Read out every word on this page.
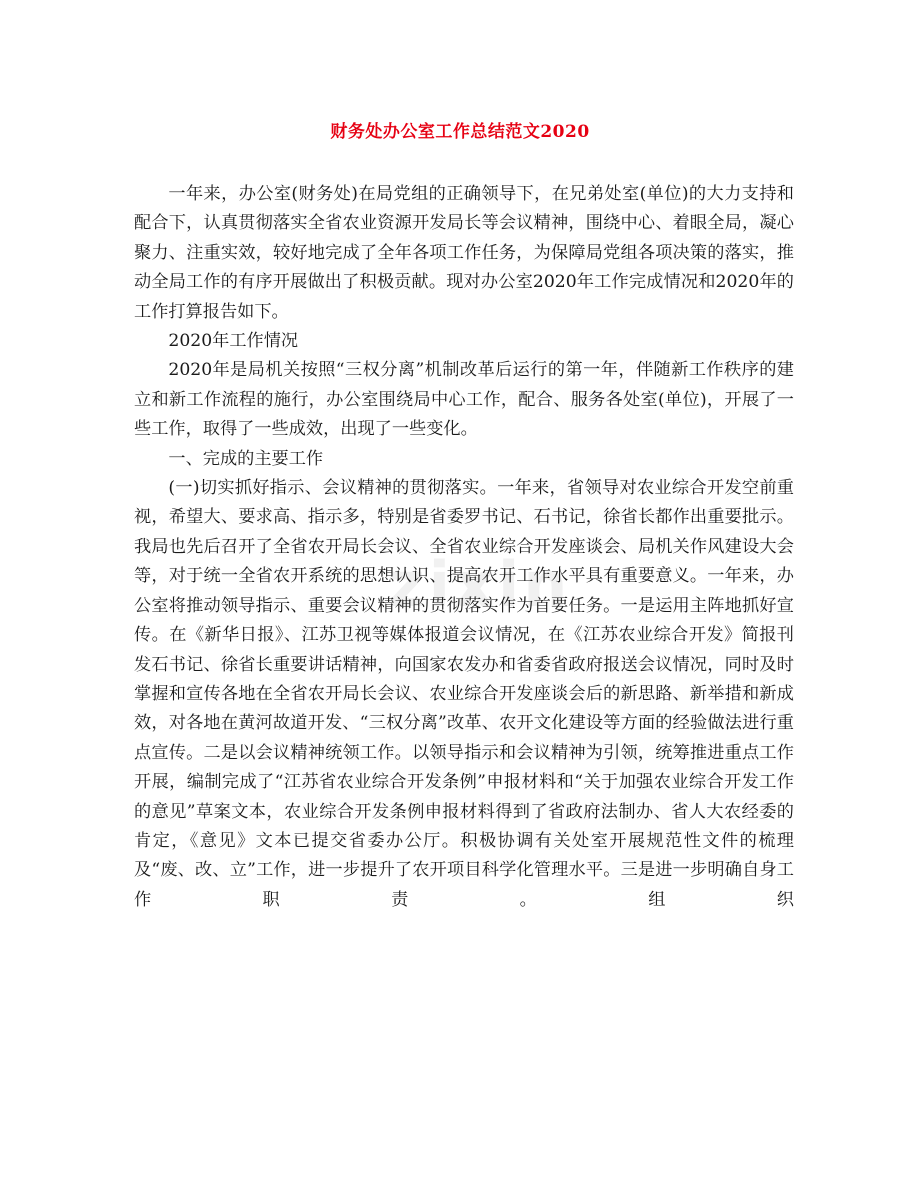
zixin
财务处办公室工作总结范文2020

一年来，办公室(财务处)在局党组的正确领导下，在兄弟处室(单位)的大力支持和配合下，认真贯彻落实全省农业资源开发局长等会议精神，围绕中心、着眼全局，凝心聚力、注重实效，较好地完成了全年各项工作任务，为保障局党组各项决策的落实，推动全局工作的有序开展做出了积极贡献。现对办公室2020年工作完成情况和2020年的工作打算报告如下。

2020年工作情况

2020年是局机关按照“三权分离”机制改革后运行的第一年，伴随新工作秩序的建立和新工作流程的施行，办公室围绕局中心工作，配合、服务各处室(单位)，开展了一些工作，取得了一些成效，出现了一些变化。

一、完成的主要工作

(一)切实抓好指示、会议精神的贯彻落实。一年来，省领导对农业综合开发空前重视，希望大、要求高、指示多，特别是省委罗书记、石书记，徐省长都作出重要批示。我局也先后召开了全省农开局长会议、全省农业综合开发座谈会、局机关作风建设大会等，对于统一全省农开系统的思想认识、提高农开工作水平具有重要意义。一年来，办公室将推动领导指示、重要会议精神的贯彻落实作为首要任务。一是运用主阵地抓好宣传。在《新华日报》、江苏卫视等媒体报道会议情况，在《江苏农业综合开发》简报刊发石书记、徐省长重要讲话精神，向国家农发办和省委省政府报送会议情况，同时及时掌握和宣传各地在全省农开局长会议、农业综合开发座谈会后的新思路、新举措和新成效，对各地在黄河故道开发、“三权分离”改革、农开文化建设等方面的经验做法进行重点宣传。二是以会议精神统领工作。以领导指示和会议精神为引领，统筹推进重点工作开展，编制完成了“江苏省农业综合开发条例”申报材料和“关于加强农业综合开发工作的意见”草案文本，农业综合开发条例申报材料得到了省政府法制办、省人大农经委的肯定，《意见》文本已提交省委办公厅。积极协调有关处室开展规范性文件的梳理及“废、改、立”工作，进一步提升了农开项目科学化管理水平。三是进一步明确自身工作职责。组织
